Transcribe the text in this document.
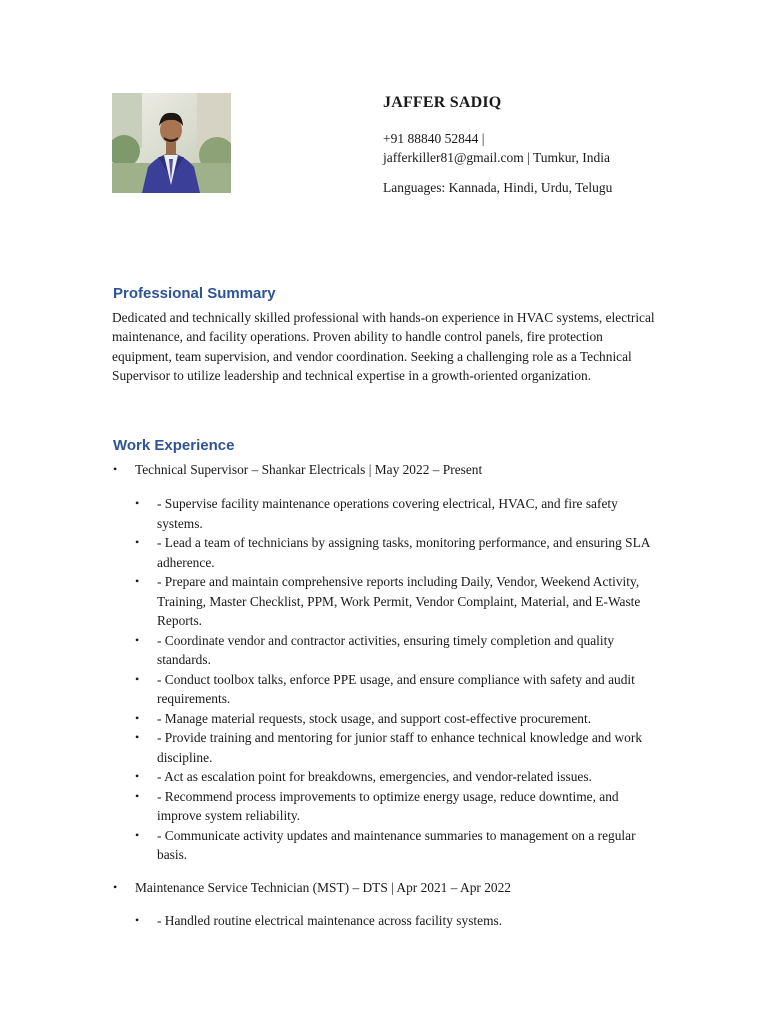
JAFFER SADIQ
+91 88840 52844 |
jafferkiller81@gmail.com | Tumkur, India
Languages: Kannada, Hindi, Urdu, Telugu
Professional Summary

Dedicated and technically skilled professional with hands-on experience in HVAC systems, electrical maintenance, and facility operations. Proven ability to handle control panels, fire protection equipment, team supervision, and vendor coordination. Seeking a challenging role as a Technical Supervisor to utilize leadership and technical expertise in a growth-oriented organization.

Work Experience
• Technical Supervisor – Shankar Electricals | May 2022 – Present
• - Supervise facility maintenance operations covering electrical, HVAC, and fire safety systems.
• - Lead a team of technicians by assigning tasks, monitoring performance, and ensuring SLA adherence.
• - Prepare and maintain comprehensive reports including Daily, Vendor, Weekend Activity, Training, Master Checklist, PPM, Work Permit, Vendor Complaint, Material, and E-Waste Reports.
• - Coordinate vendor and contractor activities, ensuring timely completion and quality standards.
• - Conduct toolbox talks, enforce PPE usage, and ensure compliance with safety and audit requirements.
• - Manage material requests, stock usage, and support cost-effective procurement.
• - Provide training and mentoring for junior staff to enhance technical knowledge and work discipline.
• - Act as escalation point for breakdowns, emergencies, and vendor-related issues.
• - Recommend process improvements to optimize energy usage, reduce downtime, and improve system reliability.
• - Communicate activity updates and maintenance summaries to management on a regular basis.
• Maintenance Service Technician (MST) – DTS | Apr 2021 – Apr 2022
• - Handled routine electrical maintenance across facility systems.
